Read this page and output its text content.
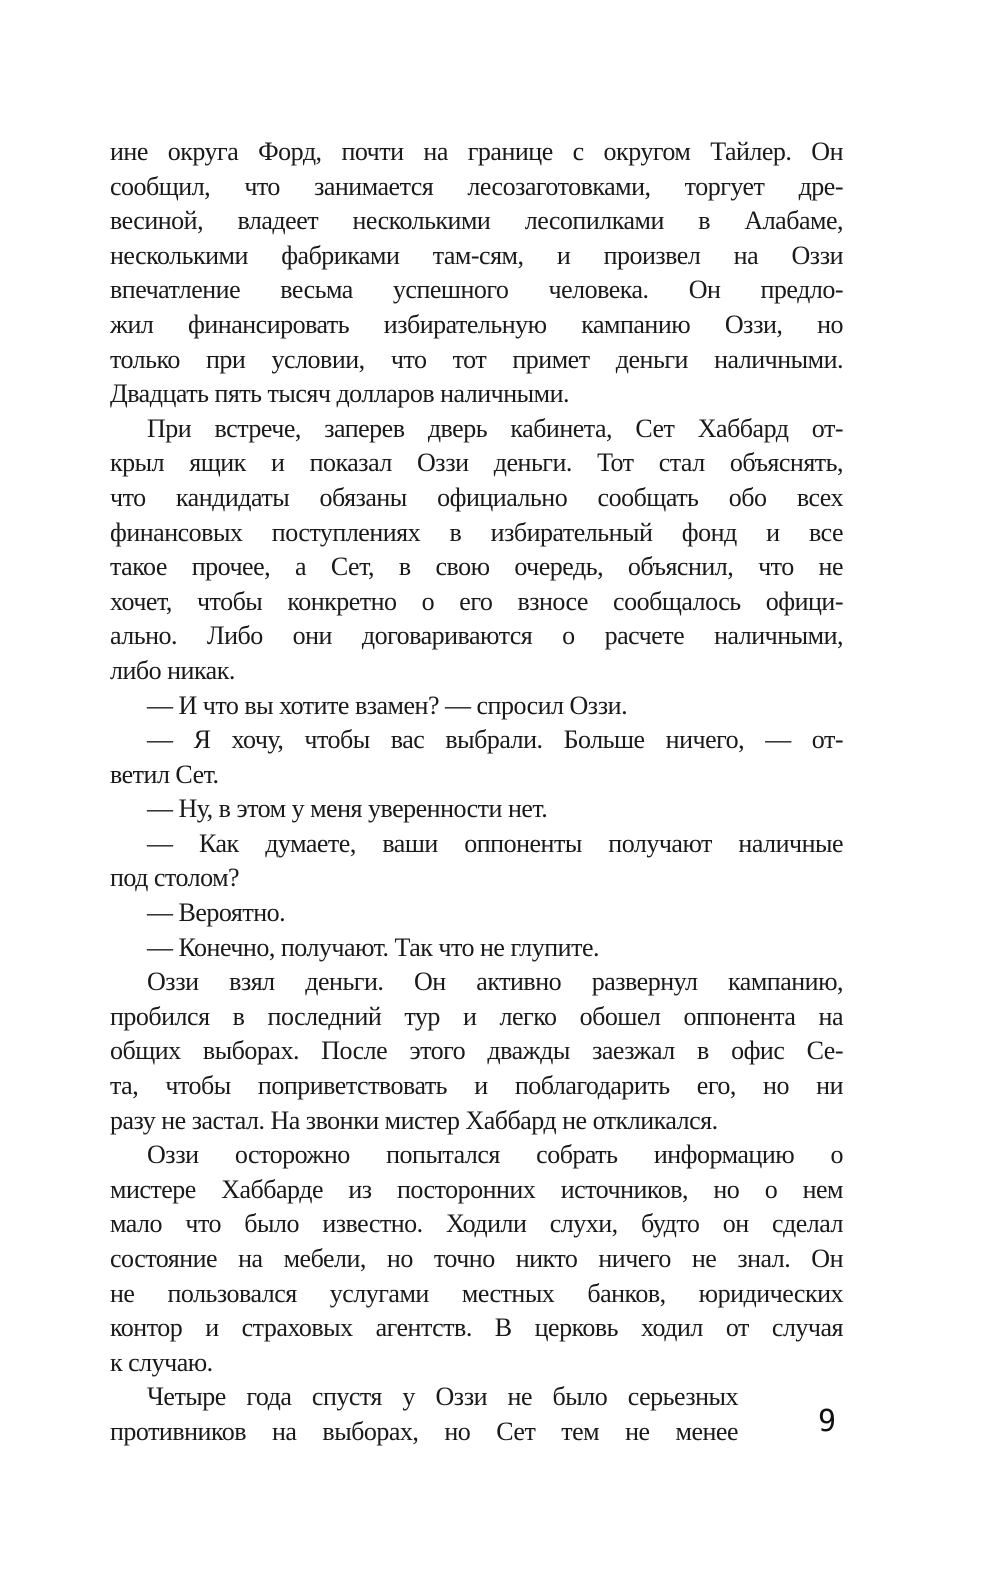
ине округа Форд, почти на границе с округом Тайлер. Он
сообщил, что занимается лесозаготовками, торгует дре-
весиной, владеет несколькими лесопилками в Алабаме,
несколькими фабриками там-сям, и произвел на Оззи
впечатление весьма успешного человека. Он предло-
жил финансировать избирательную кампанию Оззи, но
только при условии, что тот примет деньги наличными.
Двадцать пять тысяч долларов наличными.
При встрече, заперев дверь кабинета, Сет Хаббард от-
крыл ящик и показал Оззи деньги. Тот стал объяснять,
что кандидаты обязаны официально сообщать обо всех
финансовых поступлениях в избирательный фонд и все
такое прочее, а Сет, в свою очередь, объяснил, что не
хочет, чтобы конкретно о его взносе сообщалось офици-
ально. Либо они договариваются о расчете наличными,
либо никак.
— И что вы хотите взамен? — спросил Оззи.
— Я хочу, чтобы вас выбрали. Больше ничего, — от-
ветил Сет.
— Ну, в этом у меня уверенности нет.
— Как думаете, ваши оппоненты получают наличные
под столом?
— Вероятно.
— Конечно, получают. Так что не глупите.
Оззи взял деньги. Он активно развернул кампанию,
пробился в последний тур и легко обошел оппонента на
общих выборах. После этого дважды заезжал в офис Се-
та, чтобы поприветствовать и поблагодарить его, но ни
разу не застал. На звонки мистер Хаббард не откликался.
Оззи осторожно попытался собрать информацию о
мистере Хаббарде из посторонних источников, но о нем
мало что было известно. Ходили слухи, будто он сделал
состояние на мебели, но точно никто ничего не знал. Он
не пользовался услугами местных банков, юридических
контор и страховых агентств. В церковь ходил от случая
к случаю.
Четыре года спустя у Оззи не было серьезных
противников на выборах, но Сет тем не менее	9
